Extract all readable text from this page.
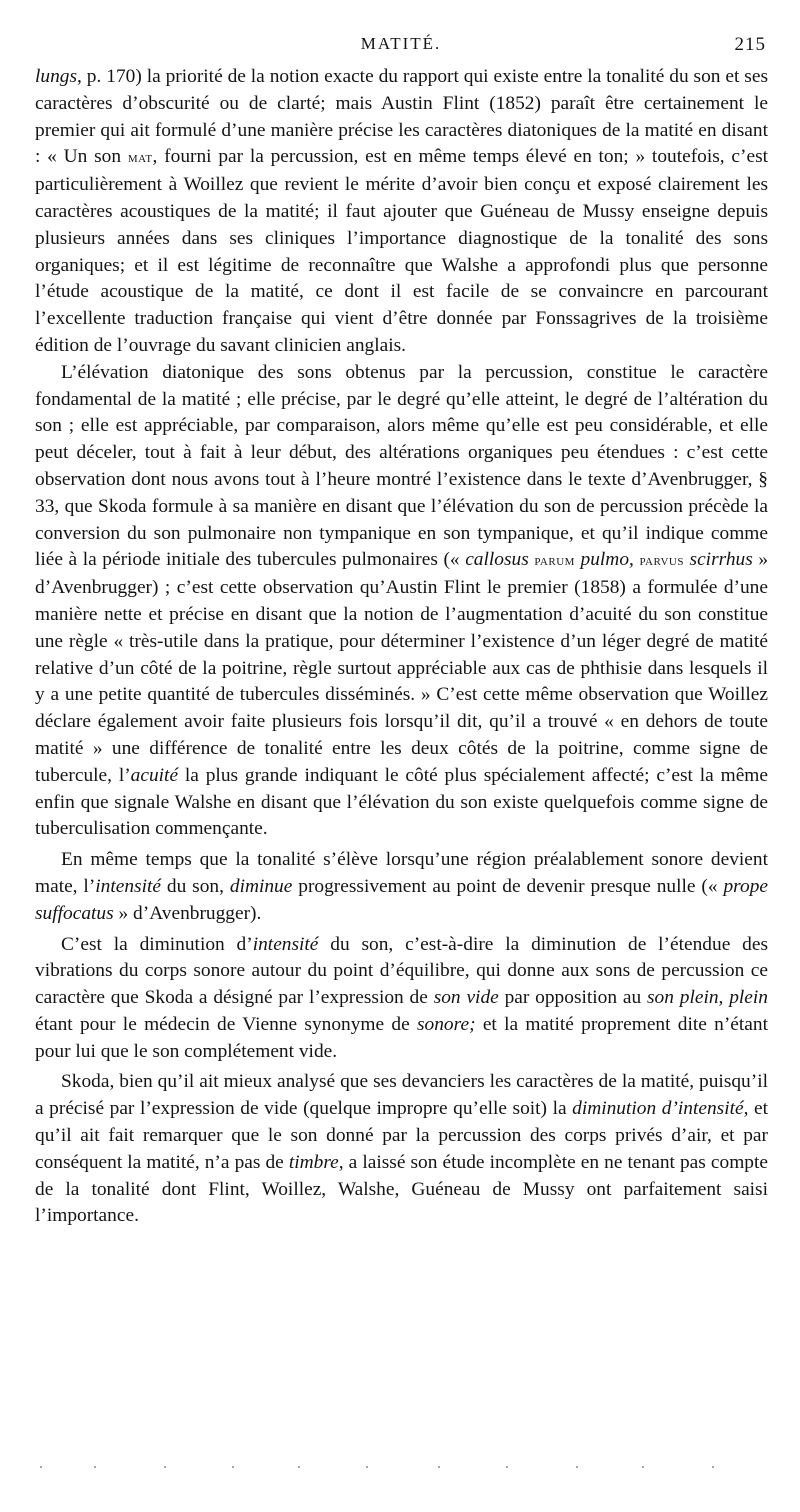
MATITÉ.	215

lungs, p. 170) la priorité de la notion exacte du rapport qui existe entre la tonalité du son et ses caractères d’obscurité ou de clarté; mais Austin Flint (1852) paraît être certainement le premier qui ait formulé d’une manière précise les caractères diatoniques de la matité en disant : « Un son mat, fourni par la percussion, est en même temps élevé en ton; » toutefois, c’est particulièrement à Woillez que revient le mérite d’avoir bien conçu et exposé clairement les caractères acoustiques de la matité; il faut ajouter que Guéneau de Mussy enseigne depuis plusieurs années dans ses cliniques l’importance diagnostique de la tonalité des sons organiques; et il est légitime de reconnaître que Walshe a approfondi plus que personne l’étude acoustique de la matité, ce dont il est facile de se convaincre en parcourant l’excellente traduction française qui vient d’être donnée par Fonssagrives de la troisième édition de l’ouvrage du savant clinicien anglais.

L’élévation diatonique des sons obtenus par la percussion, constitue le caractère fondamental de la matité ; elle précise, par le degré qu’elle atteint, le degré de l’altération du son ; elle est appréciable, par comparaison, alors même qu’elle est peu considérable, et elle peut déceler, tout à fait à leur début, des altérations organiques peu étendues : c’est cette observation dont nous avons tout à l’heure montré l’existence dans le texte d’Avenbrugger, § 33, que Skoda formule à sa manière en disant que l’élévation du son de percussion précède la conversion du son pulmonaire non tympanique en son tympanique, et qu’il indique comme liée à la période initiale des tubercules pulmonaires (« callosus parum pulmo, parvus scirrhus » d’Avenbrugger) ; c’est cette observation qu’Austin Flint le premier (1858) a formulée d’une manière nette et précise en disant que la notion de l’augmentation d’acuité du son constitue une règle « très-utile dans la pratique, pour déterminer l’existence d’un léger degré de matité relative d’un côté de la poitrine, règle surtout appréciable aux cas de phthisie dans lesquels il y a une petite quantité de tubercules disséminés. » C’est cette même observation que Woillez déclare également avoir faite plusieurs fois lorsqu’il dit, qu’il a trouvé « en dehors de toute matité » une différence de tonalité entre les deux côtés de la poitrine, comme signe de tubercule, l’acuité la plus grande indiquant le côté plus spécialement affecté; c’est la même enfin que signale Walshe en disant que l’élévation du son existe quelquefois comme signe de tuberculisation commençante.

En même temps que la tonalité s’élève lorsqu’une région préalablement sonore devient mate, l’intensité du son, diminue progressivement au point de devenir presque nulle (« prope suffocatus » d’Avenbrugger).

C’est la diminution d’intensité du son, c’est-à-dire la diminution de l’étendue des vibrations du corps sonore autour du point d’équilibre, qui donne aux sons de percussion ce caractère que Skoda a désigné par l’expression de son vide par opposition au son plein, plein étant pour le médecin de Vienne synonyme de sonore; et la matité proprement dite n’étant pour lui que le son complétement vide.

Skoda, bien qu’il ait mieux analysé que ses devanciers les caractères de la matité, puisqu’il a précisé par l’expression de vide (quelque impropre qu’elle soit) la diminution d’intensité, et qu’il ait fait remarquer que le son donné par la percussion des corps privés d’air, et par conséquent la matité, n’a pas de timbre, a laissé son étude incomplète en ne tenant pas compte de la tonalité dont Flint, Woillez, Walshe, Guéneau de Mussy ont parfaitement saisi l’importance.
